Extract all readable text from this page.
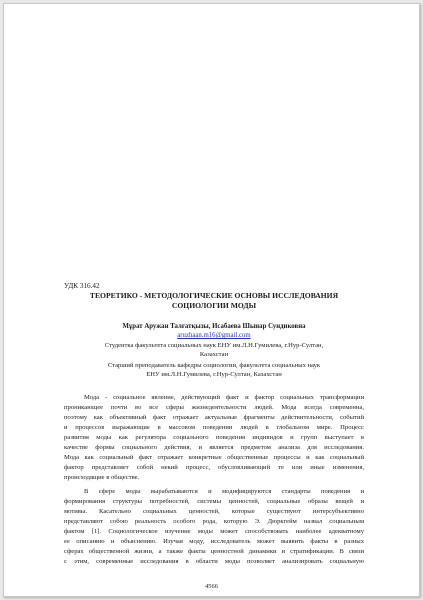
УДК 316.42
ТЕОРЕТИКО - МЕТОДОЛОГИЧЕСКИЕ ОСНОВЫ ИССЛЕДОВАНИЯ
СОЦИОЛОГИИ МОДЫ
Мұрат Аружан Талғатқызы, Исабаева Шынар Сундиковна
aruzhaan.m16@gmail.com
Студентка факультета социальных наук ЕНУ им.Л.Н.Гумилева, г.Нур-Султан,
Казахстан
Старший преподаватель кафедры социологии, факультета социальных наук
ЕНУ им.Л.Н.Гумилева, г.Нур-Султан, Казахстан
Мода - социальное явление, действующий факт и фактор социальных трансформации
проникающее почти во все сферы жизнедеятельности людей. Мода всегда современна,
поэтому как объективный факт отражает актуальные фрагменты действительности, событий
и процессов выражающие в массовом поведении людей в глобальном мире. Процесс
развития моды как регулятора социального поведения индивидов и групп выступает в
качестве формы социального действия, и является предметом анализа для исследования.
Мода как социальный факт отражает конкретные общественные процессы и как социальный
фактор представляет собой некий процесс, обусловливающий те или иные изменения,
происходящие в обществе.
В сфере моды вырабатываются и модифицируются стандарты поведения и
формирования структуры потребностей, системы ценностей, социальные образы вещей и
мотивы. Касательно социальных ценностей, которые существуют интерсубъективно
представляют собою реальность особого рода, которую Э. Дюркгейм назвал социальным
фактом [1]. Социологическое изучение моды может способствовать наиболее адекватному
ее описанию и объяснению. Изучая моду, исследователь может выявить факты в разных
сферах общественной жизни, а также факты ценностной динамики и стратификации. В связи
с этим, современные исследования в области моды позволяет анализировать социальную
4566
